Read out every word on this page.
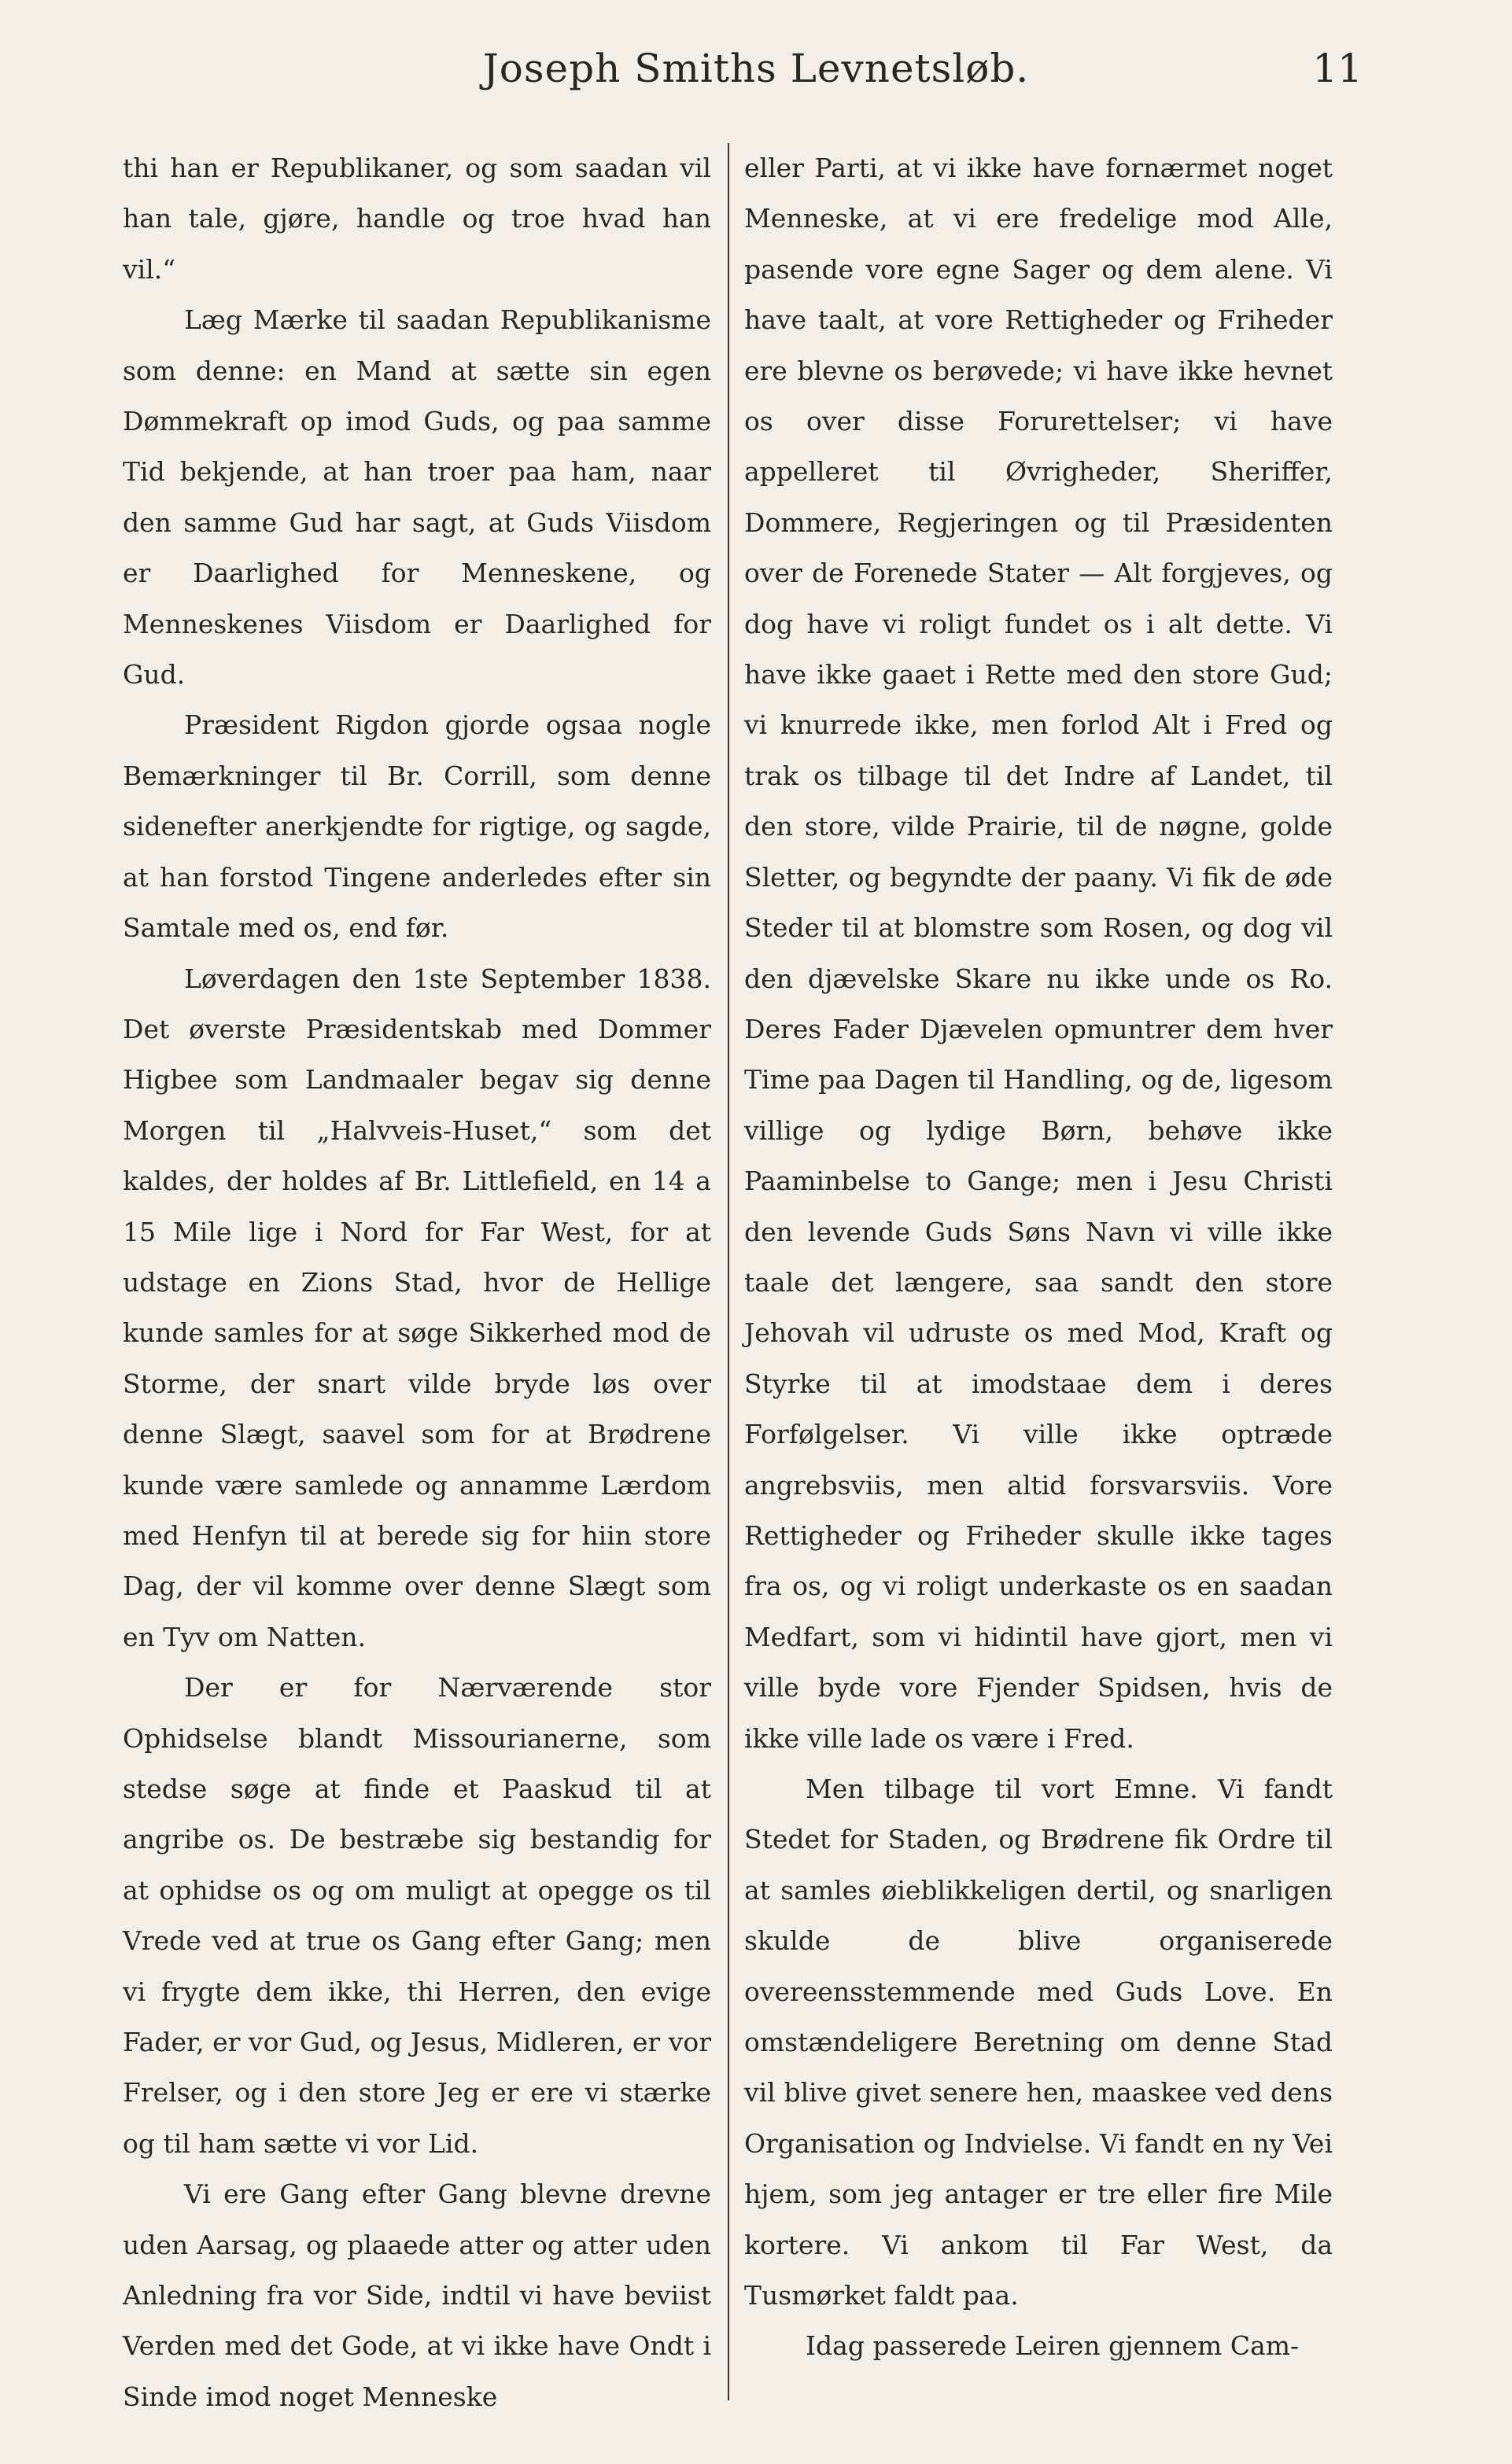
Joseph Smiths Levnetsløb.	11

thi han er Republikaner, og som saadan vil han tale, gjøre, handle og troe hvad han vil.“

Læg Mærke til saadan Republikanisme som denne: en Mand at sætte sin egen Dømmekraft op imod Guds, og paa samme Tid bekjende, at han troer paa ham, naar den samme Gud har sagt, at Guds Viisdom er Daarlighed for Menneskene, og Menneskenes Viisdom er Daarlighed for Gud.

Præsident Rigdon gjorde ogsaa nogle Bemærkninger til Br. Corrill, som denne sidenefter anerkjendte for rigtige, og sagde, at han forstod Tingene anderledes efter sin Samtale med os, end før.

Løverdagen den 1ste September 1838. Det øverste Præsidentskab med Dommer Higbee som Landmaaler begav sig denne Morgen til „Halvveis-Huset,“ som det kaldes, der holdes af Br. Littlefield, en 14 a 15 Mile lige i Nord for Far West, for at udstage en Zions Stad, hvor de Hellige kunde samles for at søge Sikkerhed mod de Storme, der snart vilde bryde løs over denne Slægt, saavel som for at Brødrene kunde være samlede og annamme Lærdom med Henfyn til at berede sig for hiin store Dag, der vil komme over denne Slægt som en Tyv om Natten.

Der er for Nærværende stor Ophidselse blandt Missourianerne, som stedse søge at finde et Paaskud til at angribe os. De bestræbe sig bestandig for at ophidse os og om muligt at opegge os til Vrede ved at true os Gang efter Gang; men vi frygte dem ikke, thi Herren, den evige Fader, er vor Gud, og Jesus, Midleren, er vor Frelser, og i den store Jeg er ere vi stærke og til ham sætte vi vor Lid.

Vi ere Gang efter Gang blevne drevne uden Aarsag, og plaaede atter og atter uden Anledning fra vor Side, indtil vi have beviist Verden med det Gode, at vi ikke have Ondt i Sinde imod noget Menneske

eller Parti, at vi ikke have fornærmet noget Menneske, at vi ere fredelige mod Alle, pasende vore egne Sager og dem alene. Vi have taalt, at vore Rettigheder og Friheder ere blevne os berøvede; vi have ikke hevnet os over disse Forurettelser; vi have appelleret til Øvrigheder, Sheriffer, Dommere, Regjeringen og til Præsidenten over de Forenede Stater — Alt forgjeves, og dog have vi roligt fundet os i alt dette. Vi have ikke gaaet i Rette med den store Gud; vi knurrede ikke, men forlod Alt i Fred og trak os tilbage til det Indre af Landet, til den store, vilde Prairie, til de nøgne, golde Sletter, og begyndte der paany. Vi fik de øde Steder til at blomstre som Rosen, og dog vil den djævelske Skare nu ikke unde os Ro. Deres Fader Djævelen opmuntrer dem hver Time paa Dagen til Handling, og de, ligesom villige og lydige Børn, behøve ikke Paaminbelse to Gange; men i Jesu Christi den levende Guds Søns Navn vi ville ikke taale det længere, saa sandt den store Jehovah vil udruste os med Mod, Kraft og Styrke til at imodstaae dem i deres Forfølgelser. Vi ville ikke optræde angrebsviis, men altid forsvarsviis. Vore Rettigheder og Friheder skulle ikke tages fra os, og vi roligt underkaste os en saadan Medfart, som vi hidintil have gjort, men vi ville byde vore Fjender Spidsen, hvis de ikke ville lade os være i Fred.

Men tilbage til vort Emne. Vi fandt Stedet for Staden, og Brødrene fik Ordre til at samles øieblikkeligen dertil, og snarligen skulde de blive organiserede overeensstemmende med Guds Love. En omstændeligere Beretning om denne Stad vil blive givet senere hen, maaskee ved dens Organisation og Indvielse. Vi fandt en ny Vei hjem, som jeg antager er tre eller fire Mile kortere. Vi ankom til Far West, da Tusmørket faldt paa.

Idag passerede Leiren gjennem Cam-
